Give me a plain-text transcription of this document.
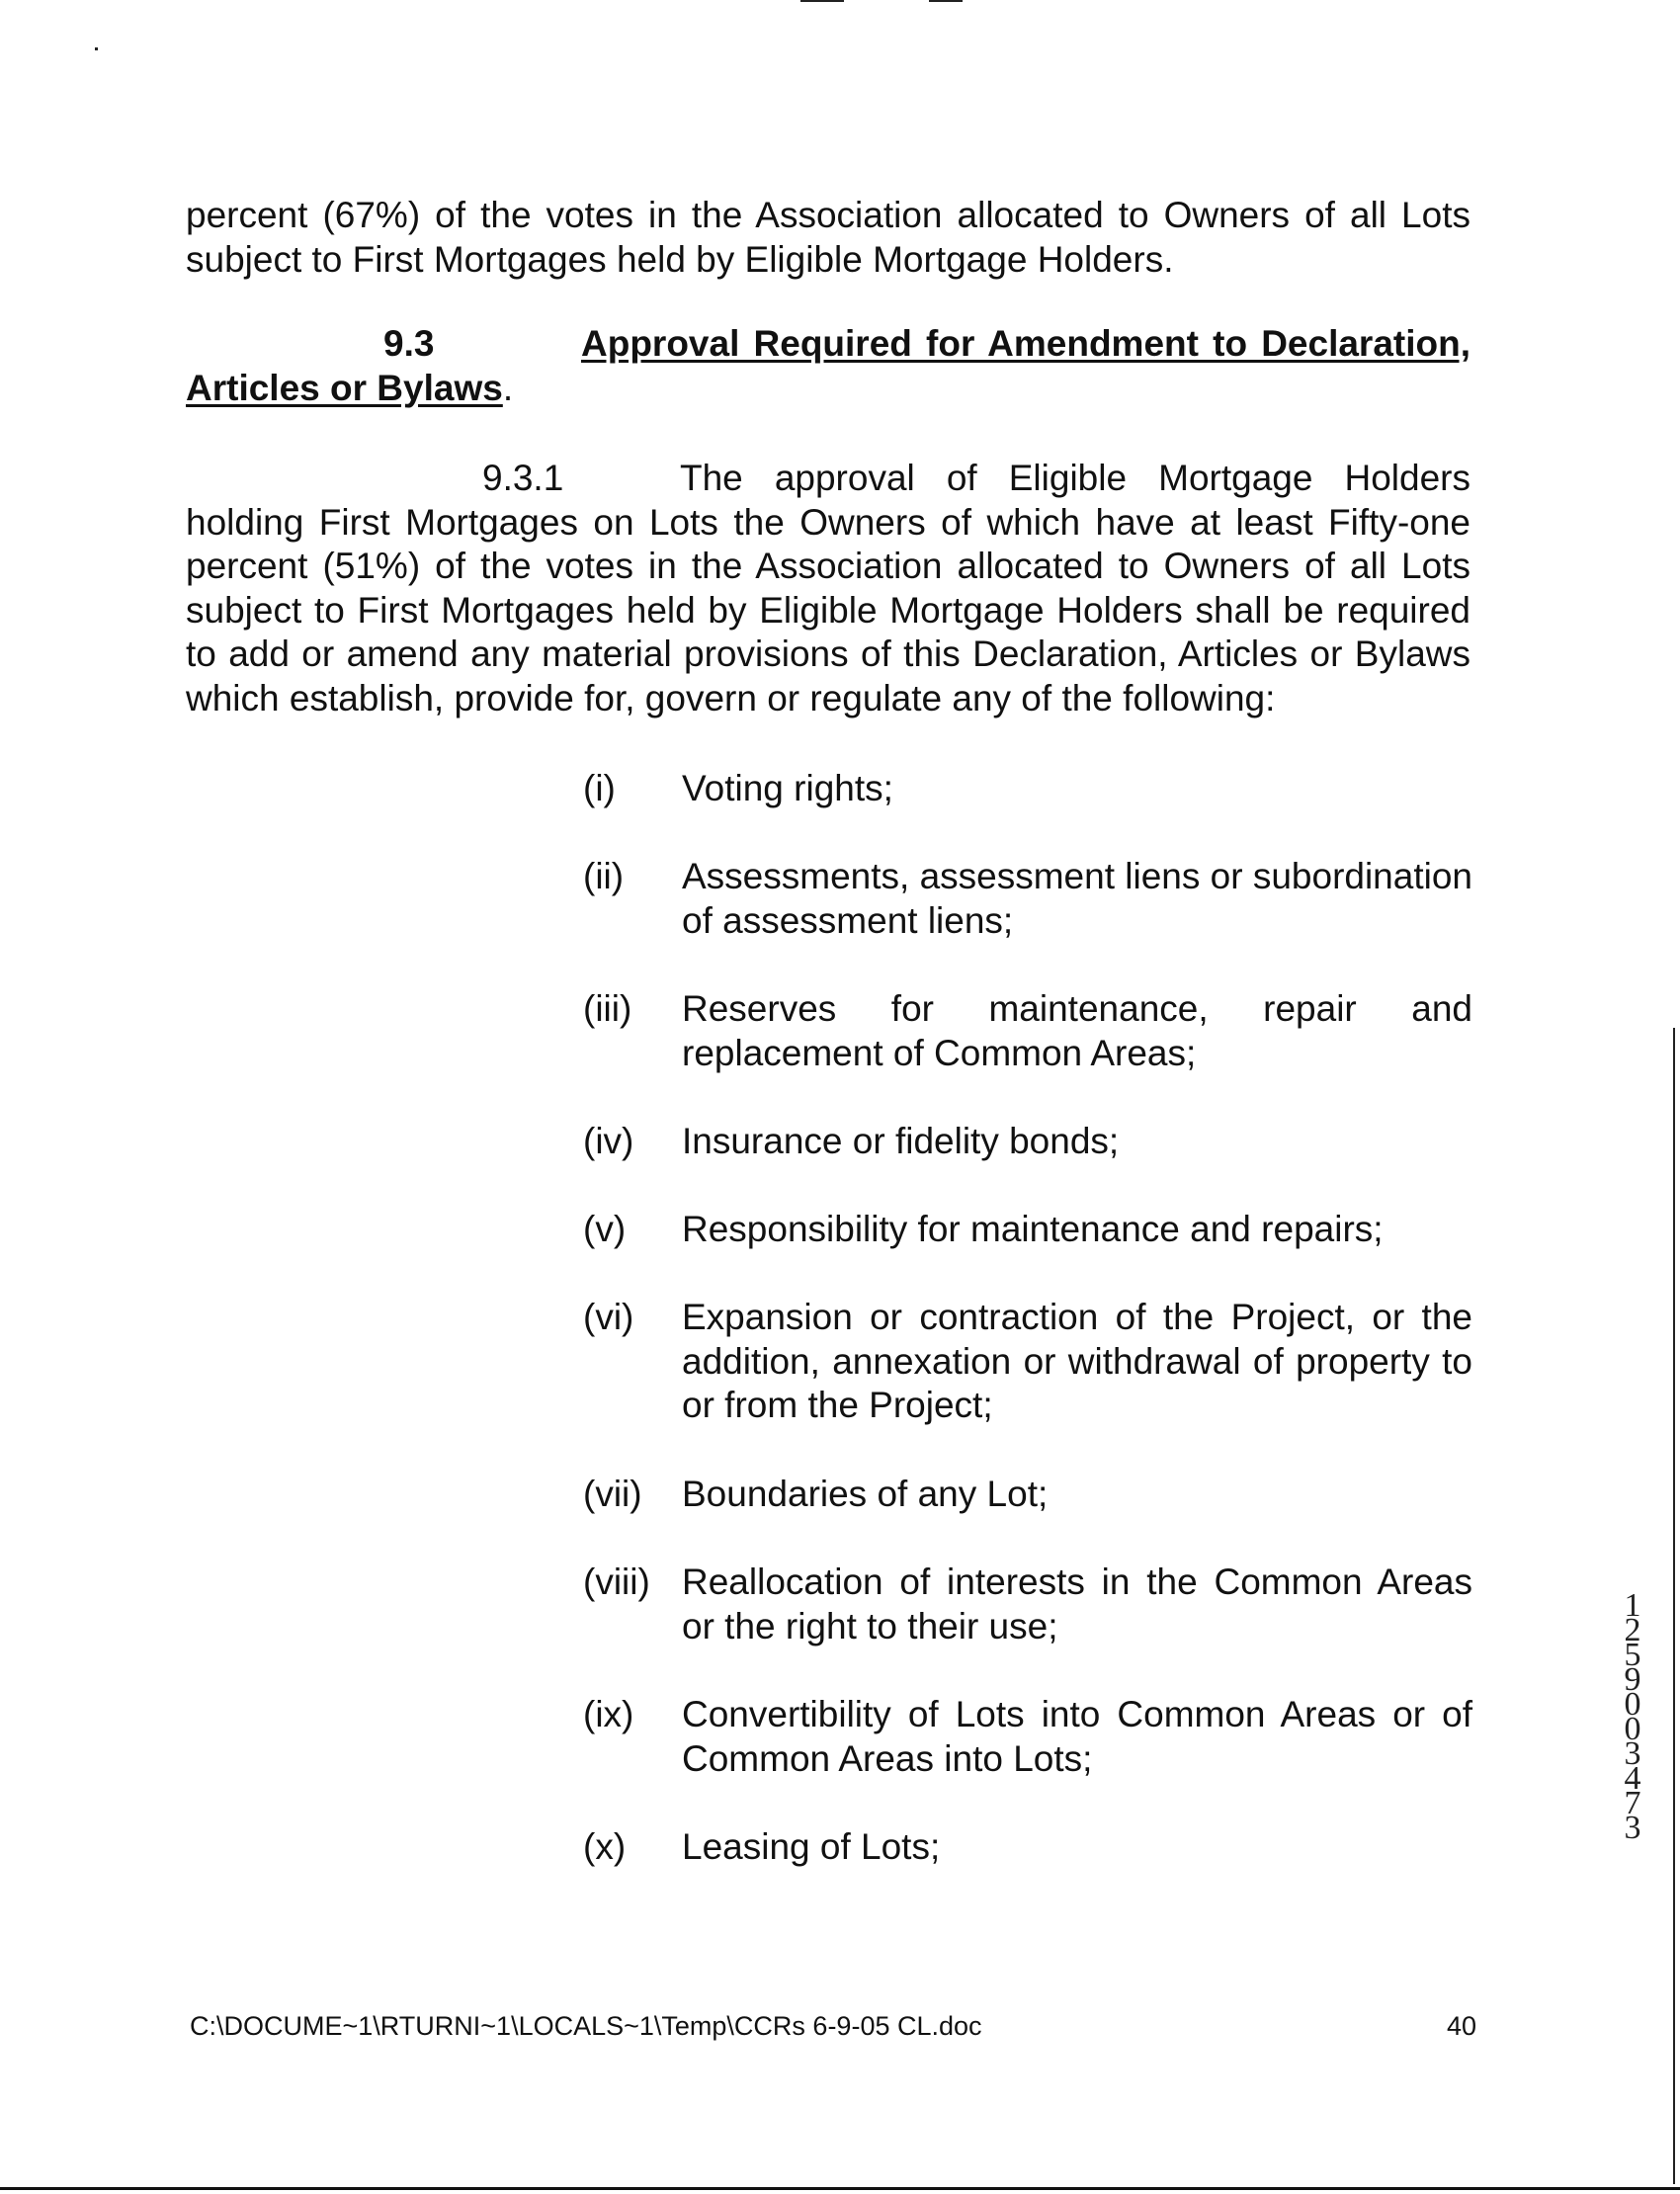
percent (67%) of the votes in the Association allocated to Owners of all Lots subject to First Mortgages held by Eligible Mortgage Holders.

Approval Required for Amendment to Declaration, Articles or Bylaws.

9.3
9.3.1	The approval of Eligible Mortgage Holders holding First Mortgages on Lots the Owners of which have at least Fifty-one percent (51%) of the votes in the Association allocated to Owners of all Lots subject to First Mortgages held by Eligible Mortgage Holders shall be required to add or amend any material provisions of this Declaration, Articles or Bylaws which establish, provide for, govern or regulate any of the following:

(i) Voting rights;

(ii) Assessments, assessment liens or subordination of assessment liens;

(iii) Reserves for maintenance, repair and replacement of Common Areas;

(iv) Insurance or fidelity bonds;

(v) Responsibility for maintenance and repairs;

(vi) Expansion or contraction of the Project, or the addition, annexation or withdrawal of property to or from the Project;

(vii) Boundaries of any Lot;

(viii) Reallocation of interests in the Common Areas or the right to their use;

(ix) Convertibility of Lots into Common Areas or of Common Areas into Lots;

(x) Leasing of Lots;

C:\DOCUME~1\RTURNI~1\LOCALS~1\Temp\CCRs 6-9-05 CL.doc	40
1
2
5
9
0
0
3
4
7
3
